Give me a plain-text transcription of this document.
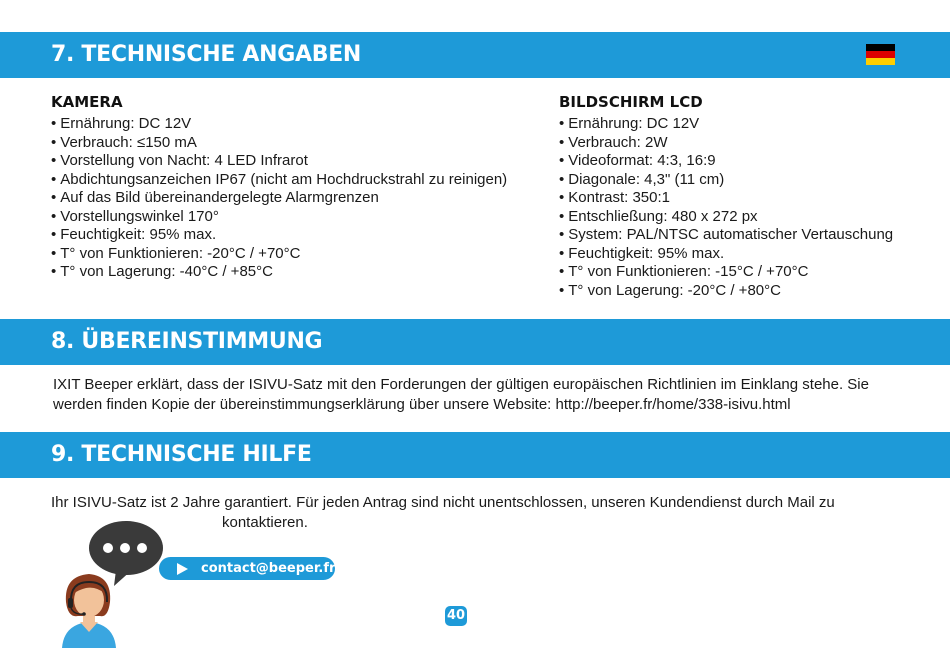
7. TECHNISCHE ANGABEN
KAMERA
• Ernährung: DC 12V
• Verbrauch: ≤150 mA
• Vorstellung von Nacht: 4 LED Infrarot
• Abdichtungsanzeichen IP67 (nicht am Hochdruckstrahl zu reinigen)
• Auf das Bild übereinandergelegte Alarmgrenzen
• Vorstellungswinkel 170°
• Feuchtigkeit: 95% max.
• T° von Funktionieren: -20°C / +70°C
• T° von Lagerung: -40°C / +85°C
BILDSCHIRM LCD
• Ernährung: DC 12V
• Verbrauch: 2W
• Videoformat: 4:3, 16:9
• Diagonale: 4,3" (11 cm)
• Kontrast: 350:1
• Entschließung: 480 x 272 px
• System: PAL/NTSC automatischer Vertauschung
• Feuchtigkeit: 95% max.
• T° von Funktionieren: -15°C / +70°C
• T° von Lagerung: -20°C / +80°C
8. ÜBEREINSTIMMUNG

IXIT Beeper erklärt, dass der ISIVU-Satz mit den Forderungen der gültigen europäischen Richtlinien im Einklang stehe. Sie
werden finden Kopie der übereinstimmungserklärung über unsere Website: http://beeper.fr/home/338-isivu.html

9. TECHNISCHE HILFE

Ihr ISIVU-Satz ist 2 Jahre garantiert. Für jeden Antrag sind nicht unentschlossen, unseren Kundendienst durch Mail zu
kontaktieren.

contact@beeper.fr
40
